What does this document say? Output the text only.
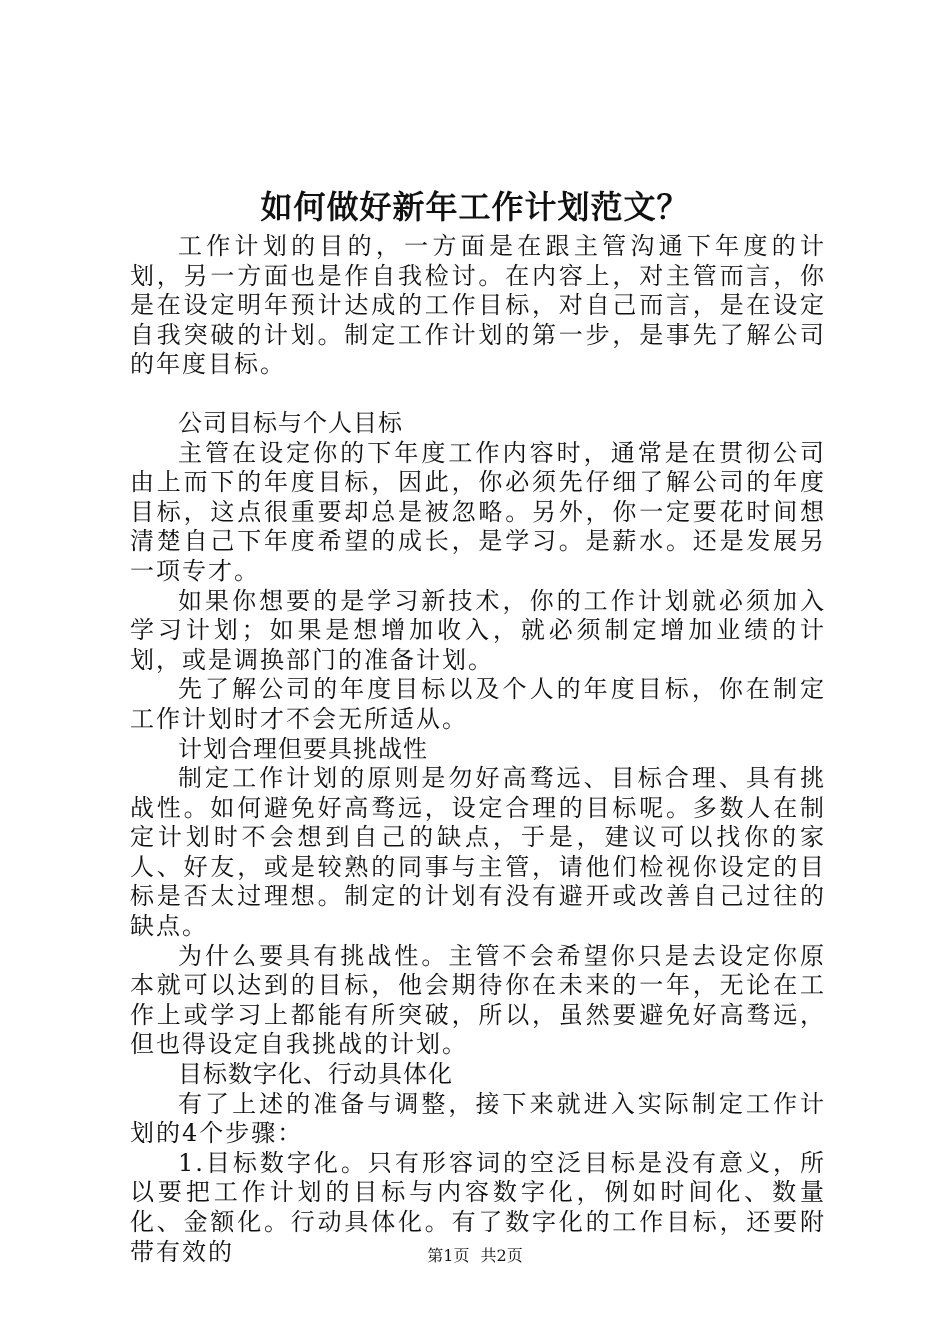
如何做好新年工作计划范文？

工作计划的目的，一方面是在跟主管沟通下年度的计划，另一方面也是作自我检讨。在内容上，对主管而言，你是在设定明年预计达成的工作目标，对自己而言，是在设定自我突破的计划。制定工作计划的第一步，是事先了解公司的年度目标。

公司目标与个人目标

主管在设定你的下年度工作内容时，通常是在贯彻公司由上而下的年度目标，因此，你必须先仔细了解公司的年度目标，这点很重要却总是被忽略。另外，你一定要花时间想清楚自己下年度希望的成长，是学习。是薪水。还是发展另一项专才。

如果你想要的是学习新技术，你的工作计划就必须加入学习计划；如果是想增加收入，就必须制定增加业绩的计划，或是调换部门的准备计划。

先了解公司的年度目标以及个人的年度目标，你在制定工作计划时才不会无所适从。

计划合理但要具挑战性

制定工作计划的原则是勿好高骛远、目标合理、具有挑战性。如何避免好高骛远，设定合理的目标呢。多数人在制定计划时不会想到自己的缺点，于是，建议可以找你的家人、好友，或是较熟的同事与主管，请他们检视你设定的目标是否太过理想。制定的计划有没有避开或改善自己过往的缺点。

为什么要具有挑战性。主管不会希望你只是去设定你原本就可以达到的目标，他会期待你在未来的一年，无论在工作上或学习上都能有所突破，所以，虽然要避免好高骛远，但也得设定自我挑战的计划。

目标数字化、行动具体化

有了上述的准备与调整，接下来就进入实际制定工作计划的4个步骤：

1.目标数字化。只有形容词的空泛目标是没有意义，所以要把工作计划的目标与内容数字化，例如时间化、数量化、金额化。行动具体化。有了数字化的工作目标，还要附带有效的	第1页 共2页
